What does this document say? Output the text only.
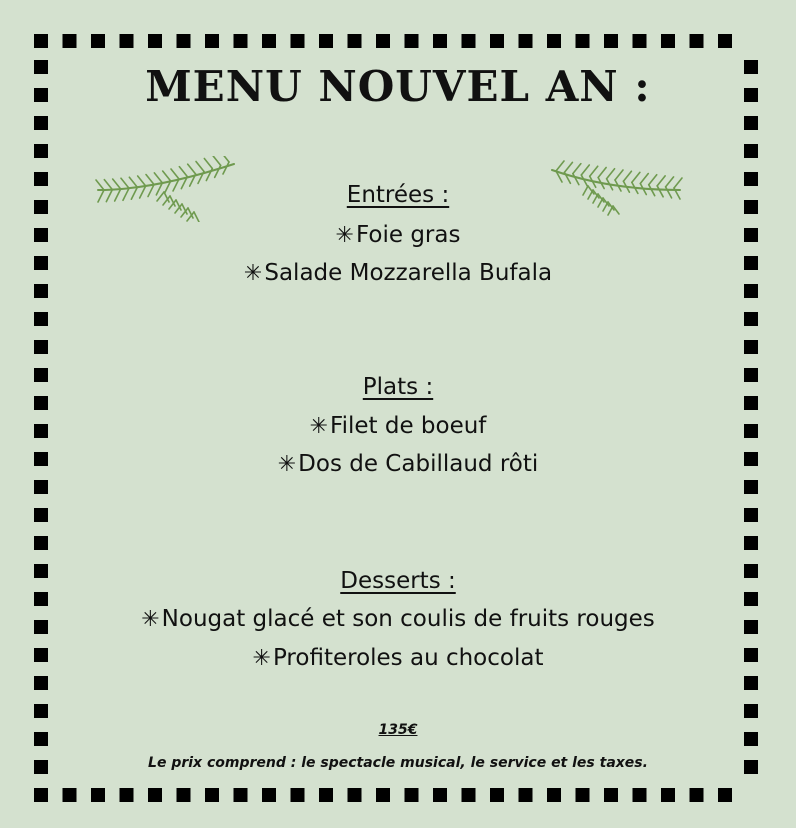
MENU NOUVEL AN :
Entrées :
✳Foie gras
✳Salade Mozzarella Bufala
Plats :
✳Filet de boeuf
✳Dos de Cabillaud rôti
Desserts :
✳Nougat glacé et son coulis de fruits rouges
✳Profiteroles au chocolat
135€
Le prix comprend : le spectacle musical, le service et les taxes.
